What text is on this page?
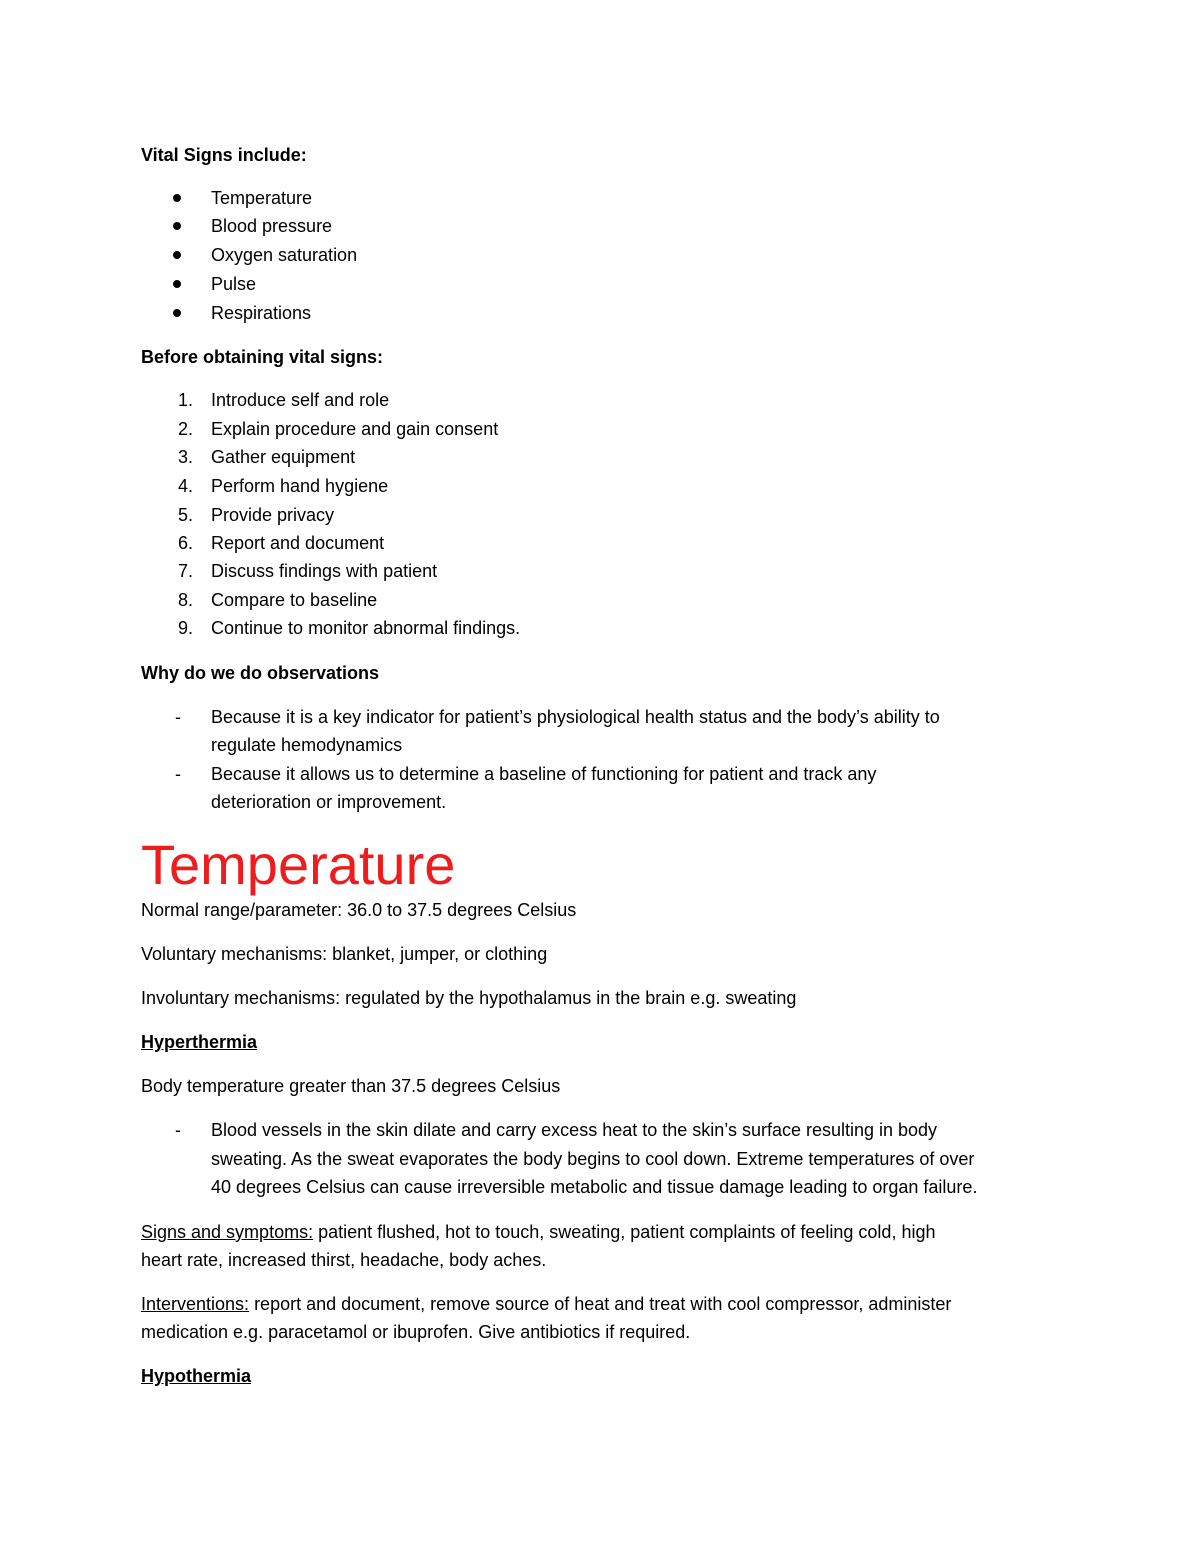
Vital Signs include:

Temperature
Blood pressure
Oxygen saturation
Pulse
Respirations

Before obtaining vital signs:

1. Introduce self and role
2. Explain procedure and gain consent
3. Gather equipment
4. Perform hand hygiene
5. Provide privacy
6. Report and document
7. Discuss findings with patient
8. Compare to baseline
9. Continue to monitor abnormal findings.

Why do we do observations

- Because it is a key indicator for patient’s physiological health status and the body’s ability to

regulate hemodynamics

- Because it allows us to determine a baseline of functioning for patient and track any

deterioration or improvement.

Temperature

Normal range/parameter: 36.0 to 37.5 degrees Celsius

Voluntary mechanisms: blanket, jumper, or clothing

Involuntary mechanisms: regulated by the hypothalamus in the brain e.g. sweating

Hyperthermia

Body temperature greater than 37.5 degrees Celsius

- Blood vessels in the skin dilate and carry excess heat to the skin’s surface resulting in body

sweating. As the sweat evaporates the body begins to cool down. Extreme temperatures of over

40 degrees Celsius can cause irreversible metabolic and tissue damage leading to organ failure.

Signs and symptoms: patient flushed, hot to touch, sweating, patient complaints of feeling cold, high

heart rate, increased thirst, headache, body aches.

Interventions: report and document, remove source of heat and treat with cool compressor, administer

medication e.g. paracetamol or ibuprofen. Give antibiotics if required.

Hypothermia
